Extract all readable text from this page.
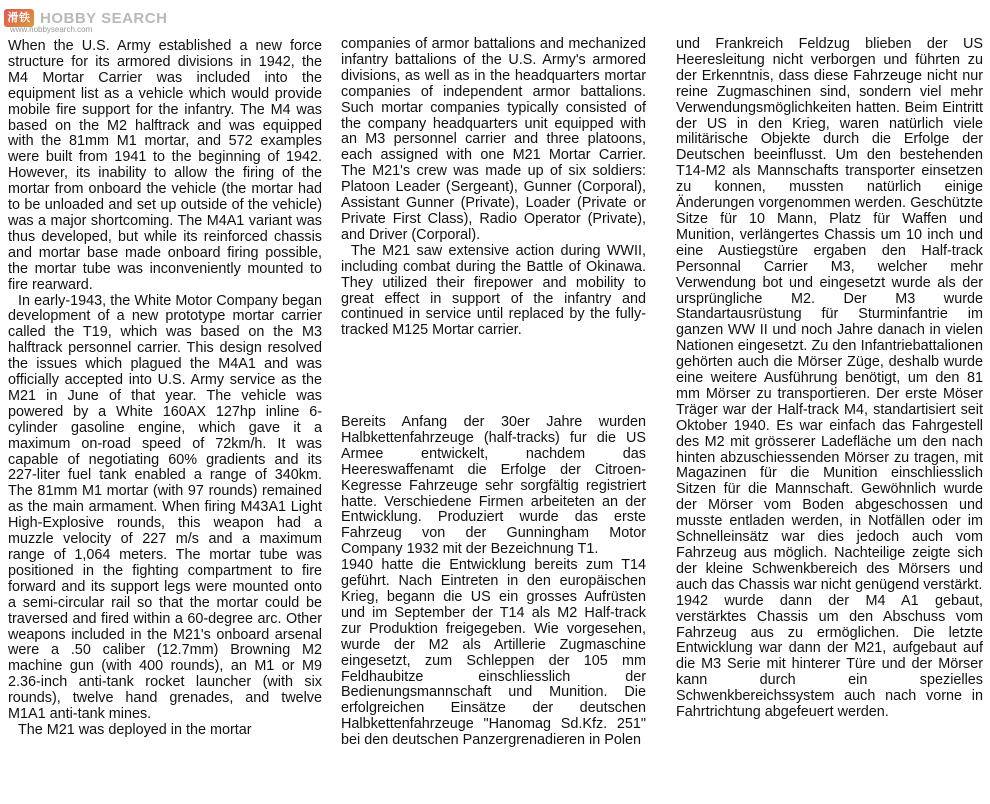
滑铁 HOBBY SEARCH
www.hobbysearch.com

When the U.S. Army established a new force structure for its armored divisions in 1942, the M4 Mortar Carrier was included into the equipment list as a vehicle which would provide mobile fire support for the infantry. The M4 was based on the M2 halftrack and was equipped with the 81mm M1 mortar, and 572 examples were built from 1941 to the beginning of 1942. However, its inability to allow the firing of the mortar from onboard the vehicle (the mortar had to be unloaded and set up outside of the vehicle) was a major shortcoming. The M4A1 variant was thus developed, but while its reinforced chassis and mortar base made onboard firing possible, the mortar tube was inconveniently mounted to fire rearward.

In early-1943, the White Motor Company began development of a new prototype mortar carrier called the T19, which was based on the M3 halftrack personnel carrier. This design resolved the issues which plagued the M4A1 and was officially accepted into U.S. Army service as the M21 in June of that year. The vehicle was powered by a White 160AX 127hp inline 6-cylinder gasoline engine, which gave it a maximum on-road speed of 72km/h. It was capable of negotiating 60% gradients and its 227-liter fuel tank enabled a range of 340km. The 81mm M1 mortar (with 97 rounds) remained as the main armament. When firing M43A1 Light High-Explosive rounds, this weapon had a muzzle velocity of 227 m/s and a maximum range of 1,064 meters. The mortar tube was positioned in the fighting compartment to fire forward and its support legs were mounted onto a semi-circular rail so that the mortar could be traversed and fired within a 60-degree arc. Other weapons included in the M21's onboard arsenal were a .50 caliber (12.7mm) Browning M2 machine gun (with 400 rounds), an M1 or M9 2.36-inch anti-tank rocket launcher (with six rounds), twelve hand grenades, and twelve M1A1 anti-tank mines.

The M21 was deployed in the mortar

companies of armor battalions and mechanized infantry battalions of the U.S. Army's armored divisions, as well as in the headquarters mortar companies of independent armor battalions. Such mortar companies typically consisted of the company headquarters unit equipped with an M3 personnel carrier and three platoons, each assigned with one M21 Mortar Carrier. The M21's crew was made up of six soldiers: Platoon Leader (Sergeant), Gunner (Corporal), Assistant Gunner (Private), Loader (Private or Private First Class), Radio Operator (Private), and Driver (Corporal).

The M21 saw extensive action during WWII, including combat during the Battle of Okinawa. They utilized their firepower and mobility to great effect in support of the infantry and continued in service until replaced by the fully-tracked M125 Mortar carrier.

Bereits Anfang der 30er Jahre wurden Halbkettenfahrzeuge (half-tracks) fur die US Armee entwickelt, nachdem das Heereswaffenamt die Erfolge der Citroen-Kegresse Fahrzeuge sehr sorgfältig registriert hatte. Verschiedene Firmen arbeiteten an der Entwicklung. Produziert wurde das erste Fahrzeug von der Gunningham Motor Company 1932 mit der Bezeichnung T1.

1940 hatte die Entwicklung bereits zum T14 geführt. Nach Eintreten in den europäischen Krieg, begann die US ein grosses Aufrüsten und im September der T14 als M2 Half-track zur Produktion freigegeben. Wie vorgesehen, wurde der M2 als Artillerie Zugmaschine eingesetzt, zum Schleppen der 105 mm Feldhaubitze einschliesslich der Bedienungsmannschaft und Munition. Die erfolgreichen Einsätze der deutschen Halbkettenfahrzeuge "Hanomag Sd.Kfz. 251" bei den deutschen Panzergrenadieren in Polen

und Frankreich Feldzug blieben der US Heeresleitung nicht verborgen und führten zu der Erkenntnis, dass diese Fahrzeuge nicht nur reine Zugmaschinen sind, sondern viel mehr Verwendungsmöglichkeiten hatten. Beim Eintritt der US in den Krieg, waren natürlich viele militärische Objekte durch die Erfolge der Deutschen beeinflusst. Um den bestehenden T14-M2 als Mannschafts transporter einsetzen zu konnen, mussten natürlich einige Änderungen vorgenommen werden. Geschützte Sitze für 10 Mann, Platz für Waffen und Munition, verlängertes Chassis um 10 inch und eine Austiegstüre ergaben den Half-track Personnal Carrier M3, welcher mehr Verwendung bot und eingesetzt wurde als der ursprüngliche M2. Der M3 wurde Standartausrüstung für Sturminfantrie im ganzen WW II und noch Jahre danach in vielen Nationen eingesetzt. Zu den Infantriebattalionen gehörten auch die Mörser Züge, deshalb wurde eine weitere Ausführung benötigt, um den 81 mm Mörser zu transportieren. Der erste Möser Träger war der Half-track M4, standartisiert seit Oktober 1940. Es war einfach das Fahrgestell des M2 mit grösserer Ladefläche um den nach hinten abzuschiessenden Mörser zu tragen, mit Magazinen für die Munition einschliesslich Sitzen für die Mannschaft. Gewöhnlich wurde der Mörser vom Boden abgeschossen und musste entladen werden, in Notfällen oder im Schnelleinsätz war dies jedoch auch vom Fahrzeug aus möglich. Nachteilige zeigte sich der kleine Schwenkbereich des Mörsers und auch das Chassis war nicht genügend verstärkt.

1942 wurde dann der M4 A1 gebaut, verstärktes Chassis um den Abschuss vom Fahrzeug aus zu ermöglichen. Die letzte Entwicklung war dann der M21, aufgebaut auf die M3 Serie mit hinterer Türe und der Mörser kann durch ein spezielles Schwenkbereichssystem auch nach vorne in Fahrtrichtung abgefeuert werden.
